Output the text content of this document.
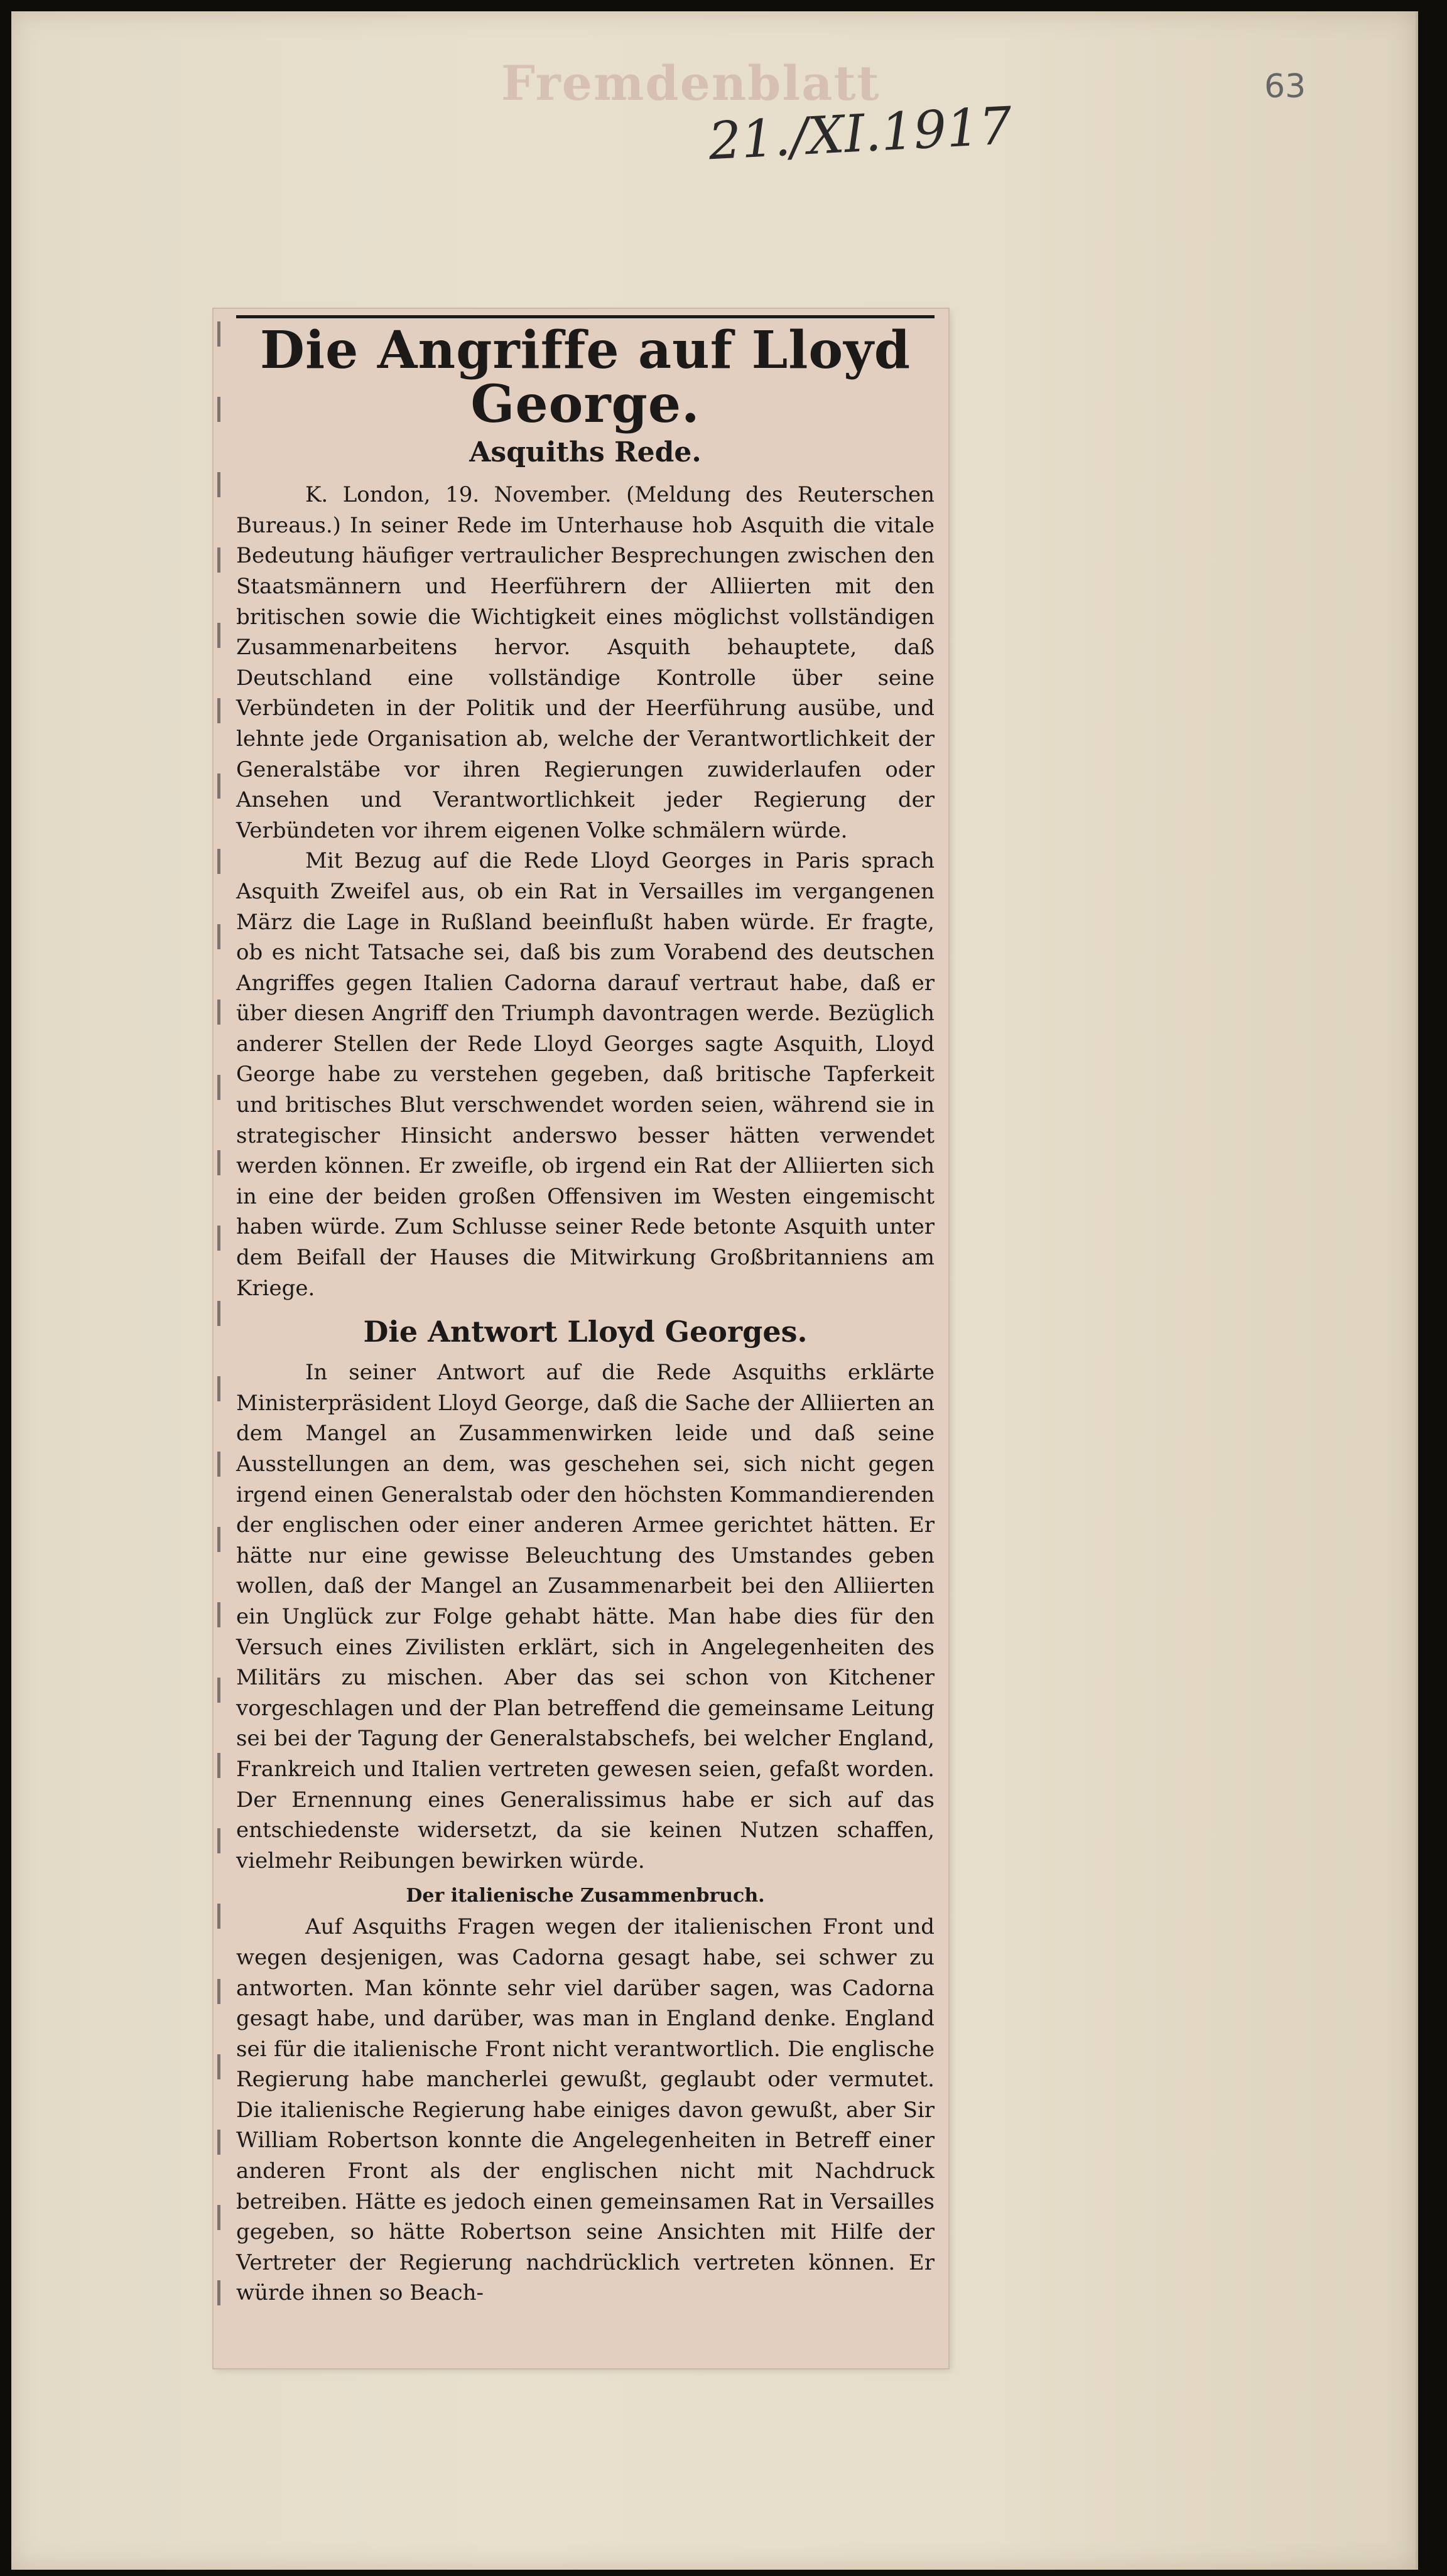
Fremdenblatt
21./XI.1917
63
Die Angriffe auf Lloyd George.
Asquiths Rede.

K. London, 19. November. (Meldung des Reuterschen Bureaus.) In seiner Rede im Unterhause hob Asquith die vitale Bedeutung häufiger vertraulicher Besprechungen zwischen den Staatsmännern und Heerführern der Alliierten mit den britischen sowie die Wichtigkeit eines möglichst vollständigen Zusammenarbeitens hervor. Asquith behauptete, daß Deutschland eine vollständige Kontrolle über seine Verbündeten in der Politik und der Heerführung ausübe, und lehnte jede Organisation ab, welche der Verantwortlichkeit der Generalstäbe vor ihren Regierungen zuwiderlaufen oder Ansehen und Verantwortlichkeit jeder Regierung der Verbündeten vor ihrem eigenen Volke schmälern würde.

Mit Bezug auf die Rede Lloyd Georges in Paris sprach Asquith Zweifel aus, ob ein Rat in Versailles im vergangenen März die Lage in Rußland beeinflußt haben würde. Er fragte, ob es nicht Tatsache sei, daß bis zum Vorabend des deutschen Angriffes gegen Italien Cadorna darauf vertraut habe, daß er über diesen Angriff den Triumph davontragen werde. Bezüglich anderer Stellen der Rede Lloyd Georges sagte Asquith, Lloyd George habe zu verstehen gegeben, daß britische Tapferkeit und britisches Blut verschwendet worden seien, während sie in strategischer Hinsicht anderswo besser hätten verwendet werden können. Er zweifle, ob irgend ein Rat der Alliierten sich in eine der beiden großen Offensiven im Westen eingemischt haben würde. Zum Schlusse seiner Rede betonte Asquith unter dem Beifall der Hauses die Mitwirkung Großbritanniens am Kriege.

Die Antwort Lloyd Georges.

In seiner Antwort auf die Rede Asquiths erklärte Ministerpräsident Lloyd George, daß die Sache der Alliierten an dem Mangel an Zusammenwirken leide und daß seine Ausstellungen an dem, was geschehen sei, sich nicht gegen irgend einen Generalstab oder den höchsten Kommandierenden der englischen oder einer anderen Armee gerichtet hätten. Er hätte nur eine gewisse Beleuchtung des Umstandes geben wollen, daß der Mangel an Zusammenarbeit bei den Alliierten ein Unglück zur Folge gehabt hätte. Man habe dies für den Versuch eines Zivilisten erklärt, sich in Angelegenheiten des Militärs zu mischen. Aber das sei schon von Kitchener vorgeschlagen und der Plan betreffend die gemeinsame Leitung sei bei der Tagung der Generalstabschefs, bei welcher England, Frankreich und Italien vertreten gewesen seien, gefaßt worden. Der Ernennung eines Generalissimus habe er sich auf das entschiedenste widersetzt, da sie keinen Nutzen schaffen, vielmehr Reibungen bewirken würde.

Der italienische Zusammenbruch.

Auf Asquiths Fragen wegen der italienischen Front und wegen desjenigen, was Cadorna gesagt habe, sei schwer zu antworten. Man könnte sehr viel darüber sagen, was Cadorna gesagt habe, und darüber, was man in England denke. England sei für die italienische Front nicht verantwortlich. Die englische Regierung habe mancherlei gewußt, geglaubt oder vermutet. Die italienische Regierung habe einiges davon gewußt, aber Sir William Robertson konnte die Angelegenheiten in Betreff einer anderen Front als der englischen nicht mit Nachdruck betreiben. Hätte es jedoch einen gemeinsamen Rat in Versailles gegeben, so hätte Robertson seine Ansichten mit Hilfe der Vertreter der Regierung nachdrücklich vertreten können. Er würde ihnen so Beach-
